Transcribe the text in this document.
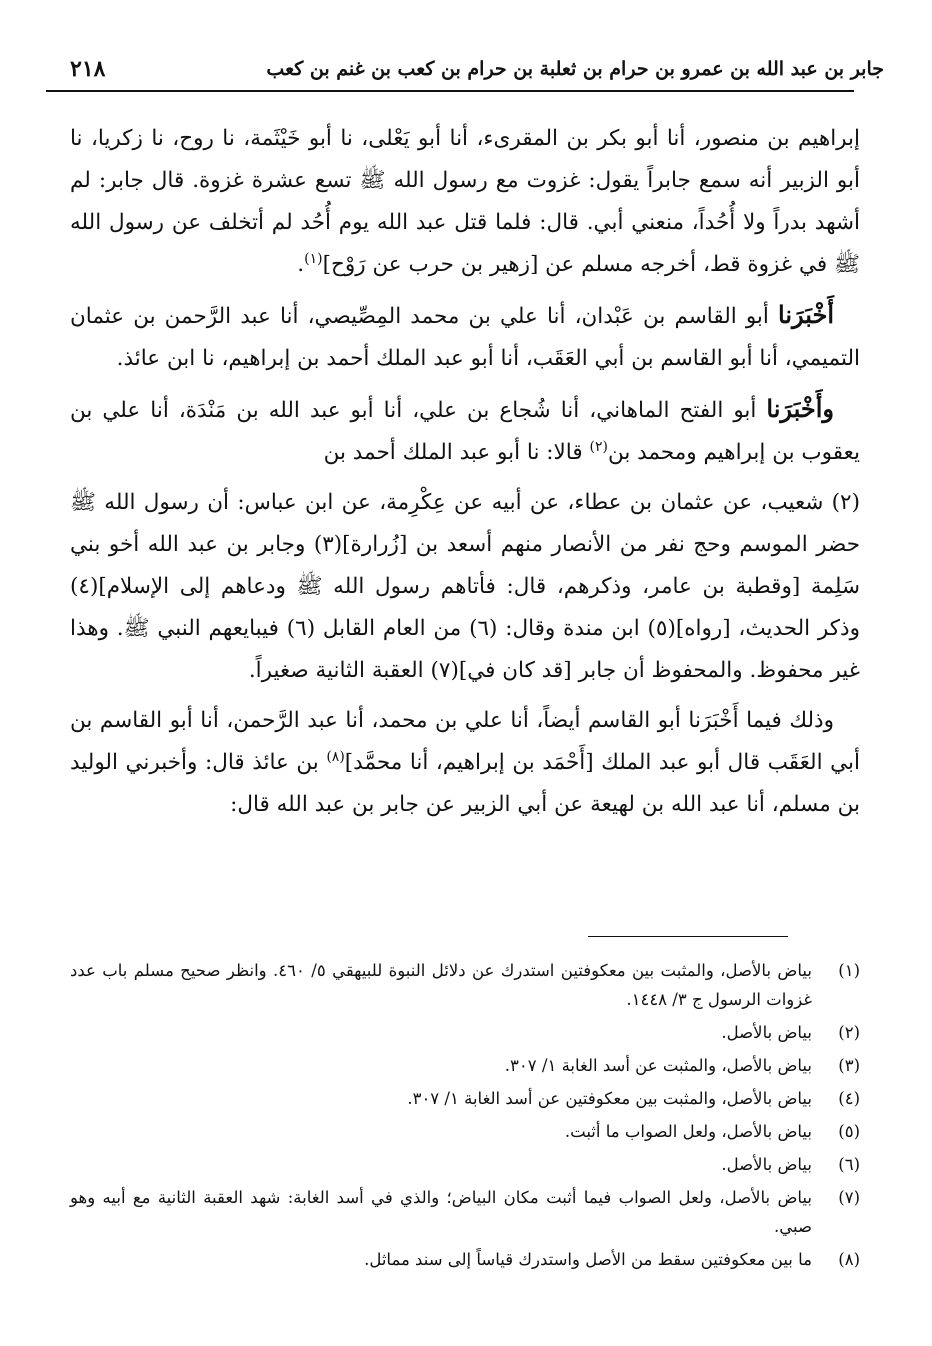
جابر بن عبد الله بن عمرو بن حرام بن ثعلبة بن حرام بن كعب بن غنم بن كعب
٢١٨

إبراهيم بن منصور، أنا أبو بكر بن المقرىء، أنا أبو يَعْلى، نا أبو خَيْثَمة، نا روح، نا زكريا، نا أبو الزبير أنه سمع جابراً يقول: غزوت مع رسول الله ﷺ تسع عشرة غزوة. قال جابر: لم أشهد بدراً ولا أُحُداً، منعني أبي. قال: فلما قتل عبد الله يوم أُحُد لم أتخلف عن رسول الله ﷺ في غزوة قط، أخرجه مسلم عن [زهير بن حرب عن رَوْح]$^{(١)}$.

أَخْبَرَنا أبو القاسم بن عَبْدان، أنا علي بن محمد المِصِّيصي، أنا عبد الرَّحمن بن عثمان التميمي، أنا أبو القاسم بن أبي العَقَب، أنا أبو عبد الملك أحمد بن إبراهيم، نا ابن عائذ.

وأَخْبَرَنا أبو الفتح الماهاني، أنا شُجاع بن علي، أنا أبو عبد الله بن مَنْدَة، أنا علي بن يعقوب بن إبراهيم ومحمد بن$^{(٢)}$ قالا: نا أبو عبد الملك أحمد بن

(٢) شعيب، عن عثمان بن عطاء، عن أبيه عن عِكْرِمة، عن ابن عباس: أن رسول الله ﷺ حضر الموسم وحج نفر من الأنصار منهم أسعد بن [زُرارة](٣) وجابر بن عبد الله أخو بني سَلِمة [وقطبة بن عامر، وذكرهم، قال: فأتاهم رسول الله ﷺ ودعاهم إلى الإسلام](٤) وذكر الحديث، [رواه](٥) ابن مندة وقال: (٦) من العام القابل (٦) فيبايعهم النبي ﷺ. وهذا غير محفوظ. والمحفوظ أن جابر [قد كان في](٧) العقبة الثانية صغيراً.

وذلك فيما أَخْبَرَنا أبو القاسم أيضاً، أنا علي بن محمد، أنا عبد الرَّحمن، أنا أبو القاسم بن أبي العَقَب قال أبو عبد الملك [أَحْمَد بن إبراهيم، أنا محمَّد]$^{(٨)}$ بن عائذ قال: وأخبرني الوليد بن مسلم، أنا عبد الله بن لهيعة عن أبي الزبير عن جابر بن عبد الله قال:

(١)
بياض بالأصل، والمثبت بين معكوفتين استدرك عن دلائل النبوة للبيهقي ٥/ ٤٦٠. وانظر صحيح مسلم باب عدد غزوات الرسول ج ٣/ ١٤٤٨.
(٢)
بياض بالأصل.
(٣)
بياض بالأصل، والمثبت عن أسد الغابة ١/ ٣٠٧.
(٤)
بياض بالأصل، والمثبت بين معكوفتين عن أسد الغابة ١/ ٣٠٧.
(٥)
بياض بالأصل، ولعل الصواب ما أثبت.
(٦)
بياض بالأصل.
(٧)
بياض بالأصل، ولعل الصواب فيما أثبت مكان البياض؛ والذي في أسد الغابة: شهد العقبة الثانية مع أبيه وهو صبي.
(٨)
ما بين معكوفتين سقط من الأصل واستدرك قياساً إلى سند مماثل.
